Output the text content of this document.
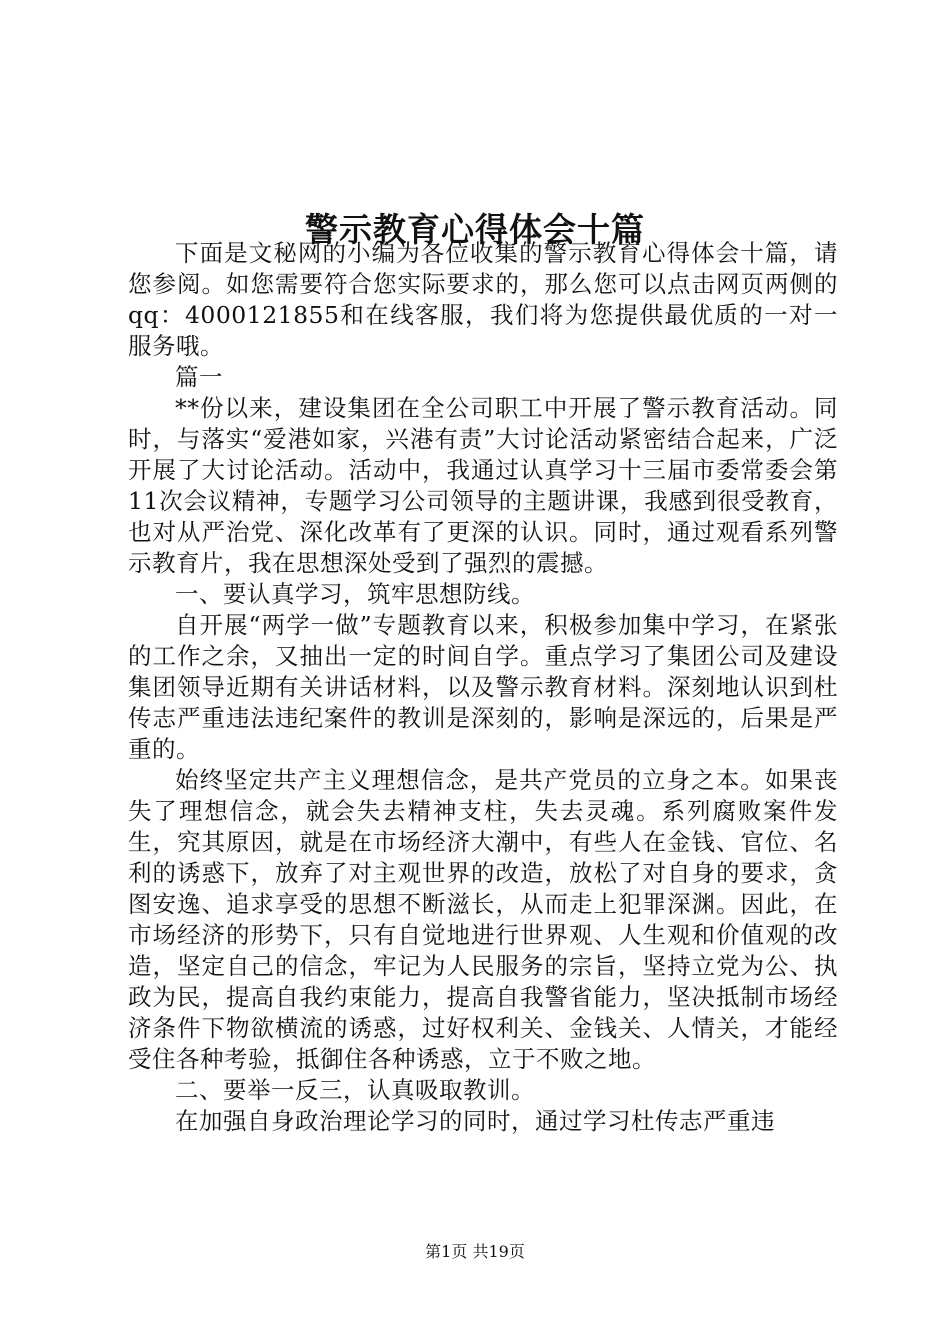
警示教育心得体会十篇

下面是文秘网的小编为各位收集的警示教育心得体会十篇，请您参阅。如您需要符合您实际要求的，那么您可以点击网页两侧的qq：4000121855和在线客服，我们将为您提供最优质的一对一服务哦。

篇一

**份以来，建设集团在全公司职工中开展了警示教育活动。同时，与落实“爱港如家，兴港有责”大讨论活动紧密结合起来，广泛开展了大讨论活动。活动中，我通过认真学习十三届市委常委会第11次会议精神，专题学习公司领导的主题讲课，我感到很受教育，也对从严治党、深化改革有了更深的认识。同时，通过观看系列警示教育片，我在思想深处受到了强烈的震撼。

一、要认真学习，筑牢思想防线。

自开展“两学一做”专题教育以来，积极参加集中学习，在紧张的工作之余，又抽出一定的时间自学。重点学习了集团公司及建设集团领导近期有关讲话材料，以及警示教育材料。深刻地认识到杜传志严重违法违纪案件的教训是深刻的，影响是深远的，后果是严重的。

始终坚定共产主义理想信念，是共产党员的立身之本。如果丧失了理想信念，就会失去精神支柱，失去灵魂。系列腐败案件发生，究其原因，就是在市场经济大潮中，有些人在金钱、官位、名利的诱惑下，放弃了对主观世界的改造，放松了对自身的要求，贪图安逸、追求享受的思想不断滋长，从而走上犯罪深渊。因此，在市场经济的形势下，只有自觉地进行世界观、人生观和价值观的改造，坚定自己的信念，牢记为人民服务的宗旨，坚持立党为公、执政为民，提高自我约束能力，提高自我警省能力，坚决抵制市场经济条件下物欲横流的诱惑，过好权利关、金钱关、人情关，才能经受住各种考验，抵御住各种诱惑，立于不败之地。

二、要举一反三，认真吸取教训。

在加强自身政治理论学习的同时，通过学习杜传志严重违

第1页 共19页
